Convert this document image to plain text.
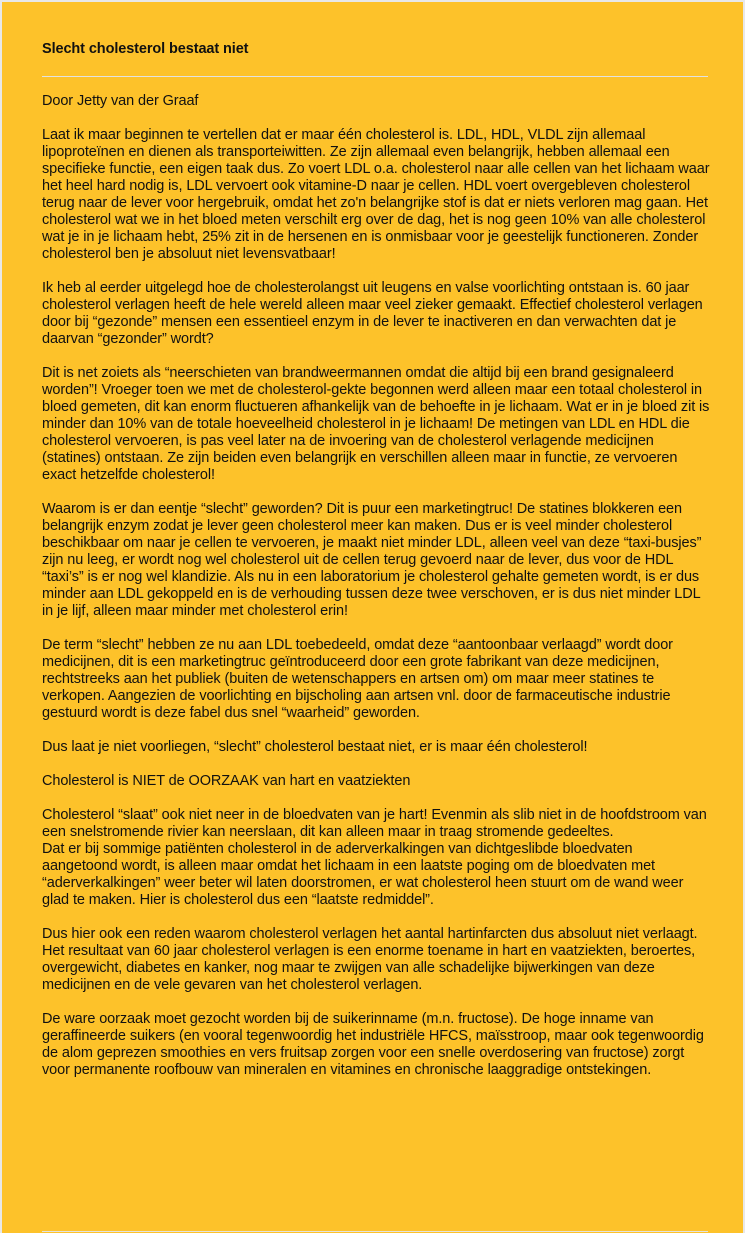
Slecht cholesterol bestaat niet

Door Jetty van der Graaf

Laat ik maar beginnen te vertellen dat er maar één cholesterol is. LDL, HDL, VLDL zijn allemaal lipoproteïnen en dienen als transporteiwitten. Ze zijn allemaal even belangrijk, hebben allemaal een specifieke functie, een eigen taak dus. Zo voert LDL o.a. cholesterol naar alle cellen van het lichaam waar het heel hard nodig is, LDL vervoert ook vitamine-D naar je cellen. HDL voert overgebleven cholesterol terug naar de lever voor hergebruik, omdat het zo'n belangrijke stof is dat er niets verloren mag gaan. Het cholesterol wat we in het bloed meten verschilt erg over de dag, het is nog geen 10% van alle cholesterol wat je in je lichaam hebt, 25% zit in de hersenen en is onmisbaar voor je geestelijk functioneren. Zonder cholesterol ben je absoluut niet levensvatbaar!

Ik heb al eerder uitgelegd hoe de cholesterolangst uit leugens en valse voorlichting ontstaan is. 60 jaar cholesterol verlagen heeft de hele wereld alleen maar veel zieker gemaakt. Effectief cholesterol verlagen door bij “gezonde” mensen een essentieel enzym in de lever te inactiveren en dan verwachten dat je daarvan “gezonder” wordt?

Dit is net zoiets als “neerschieten van brandweermannen omdat die altijd bij een brand gesignaleerd worden”! Vroeger toen we met de cholesterol-gekte begonnen werd alleen maar een totaal cholesterol in bloed gemeten, dit kan enorm fluctueren afhankelijk van de behoefte in je lichaam. Wat er in je bloed zit is minder dan 10% van de totale hoeveelheid cholesterol in je lichaam! De metingen van LDL en HDL die cholesterol vervoeren, is pas veel later na de invoering van de cholesterol verlagende medicijnen (statines) ontstaan. Ze zijn beiden even belangrijk en verschillen alleen maar in functie, ze vervoeren exact hetzelfde cholesterol!

Waarom is er dan eentje “slecht” geworden? Dit is puur een marketingtruc! De statines blokkeren een belangrijk enzym zodat je lever geen cholesterol meer kan maken. Dus er is veel minder cholesterol beschikbaar om naar je cellen te vervoeren, je maakt niet minder LDL, alleen veel van deze “taxi-busjes” zijn nu leeg, er wordt nog wel cholesterol uit de cellen terug gevoerd naar de lever, dus voor de HDL “taxi’s” is er nog wel klandizie. Als nu in een laboratorium je cholesterol gehalte gemeten wordt, is er dus minder aan LDL gekoppeld en is de verhouding tussen deze twee verschoven, er is dus niet minder LDL in je lijf, alleen maar minder met cholesterol erin!

De term “slecht” hebben ze nu aan LDL toebedeeld, omdat deze “aantoonbaar verlaagd” wordt door medicijnen, dit is een marketingtruc geïntroduceerd door een grote fabrikant van deze medicijnen, rechtstreeks aan het publiek (buiten de wetenschappers en artsen om) om maar meer statines te verkopen. Aangezien de voorlichting en bijscholing aan artsen vnl. door de farmaceutische industrie gestuurd wordt is deze fabel dus snel “waarheid” geworden.

Dus laat je niet voorliegen, “slecht” cholesterol bestaat niet, er is maar één cholesterol!

Cholesterol is NIET de OORZAAK van hart en vaatziekten

Cholesterol “slaat” ook niet neer in de bloedvaten van je hart! Evenmin als slib niet in de hoofdstroom van een snelstromende rivier kan neerslaan, dit kan alleen maar in traag stromende gedeeltes.
Dat er bij sommige patiënten cholesterol in de aderverkalkingen van dichtgeslibde bloedvaten aangetoond wordt, is alleen maar omdat het lichaam in een laatste poging om de bloedvaten met “aderverkalkingen” weer beter wil laten doorstromen, er wat cholesterol heen stuurt om de wand weer glad te maken. Hier is cholesterol dus een “laatste redmiddel”.

Dus hier ook een reden waarom cholesterol verlagen het aantal hartinfarcten dus absoluut niet verlaagt. Het resultaat van 60 jaar cholesterol verlagen is een enorme toename in hart en vaatziekten, beroertes, overgewicht, diabetes en kanker, nog maar te zwijgen van alle schadelijke bijwerkingen van deze medicijnen en de vele gevaren van het cholesterol verlagen.

De ware oorzaak moet gezocht worden bij de suikerinname (m.n. fructose). De hoge inname van geraffineerde suikers (en vooral tegenwoordig het industriële HFCS, maïsstroop, maar ook tegenwoordig de alom geprezen smoothies en vers fruitsap zorgen voor een snelle overdosering van fructose) zorgt voor permanente roofbouw van mineralen en vitamines en chronische laaggradige ontstekingen.
